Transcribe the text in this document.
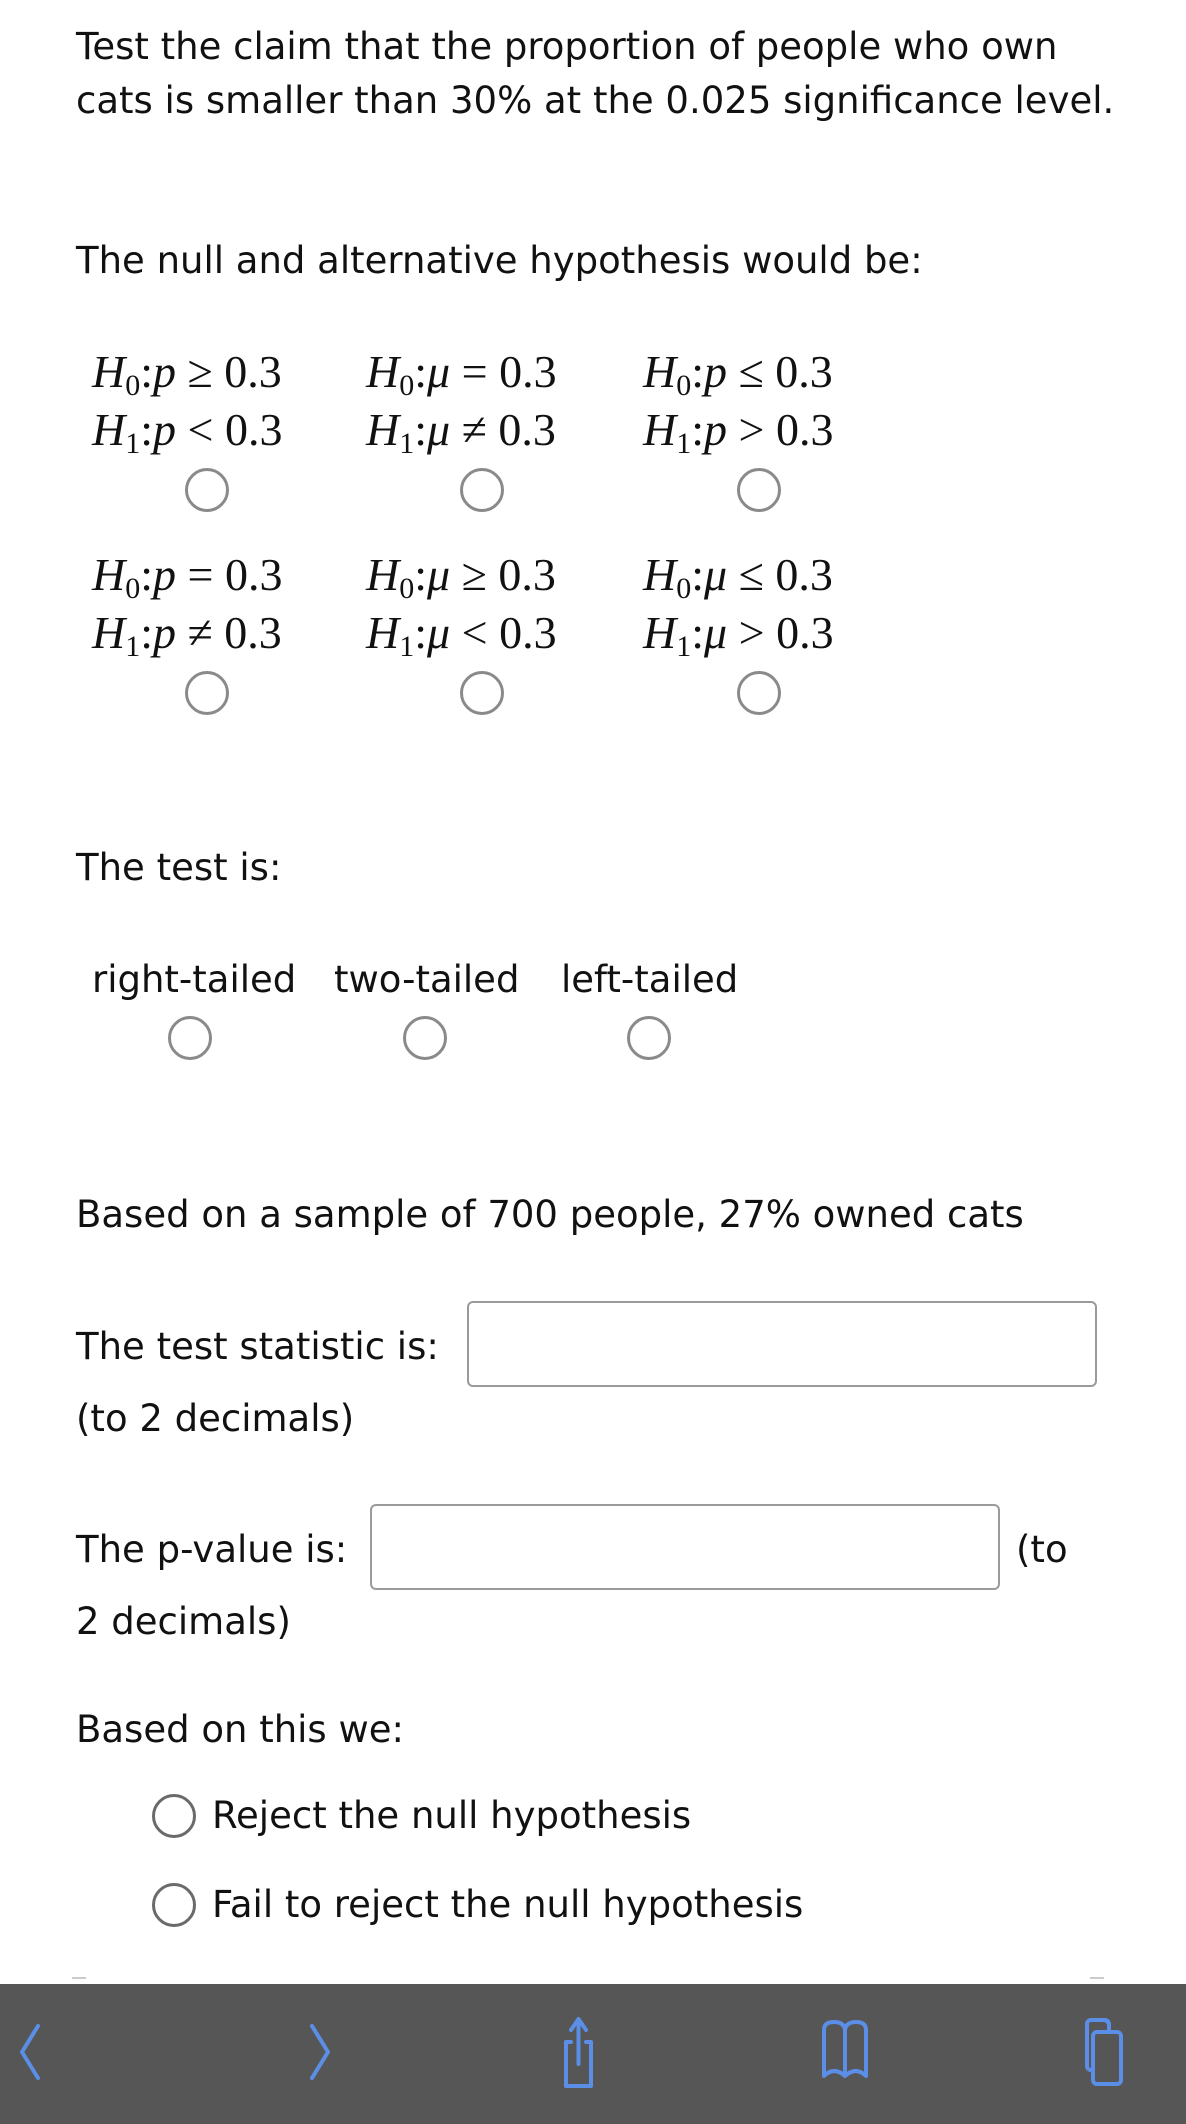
Test the claim that the proportion of people who own cats is smaller than 30% at the 0.025 significance level.
The null and alternative hypothesis would be:
$H_0:p \ge 0.3$
$H_1:p < 0.3$
$H_0:\mu = 0.3$
$H_1:\mu \ne 0.3$
$H_0:p \le 0.3$
$H_1:p > 0.3$
$H_0:p = 0.3$
$H_1:p \ne 0.3$
$H_0:\mu \ge 0.3$
$H_1:\mu < 0.3$
$H_0:\mu \le 0.3$
$H_1:\mu > 0.3$
The test is:
right-tailed two-tailed left-tailed
Based on a sample of 700 people, 27% owned cats
The test statistic is:
(to 2 decimals)
The p-value is:	(to
2 decimals)
Based on this we:
Reject the null hypothesis
Fail to reject the null hypothesis
